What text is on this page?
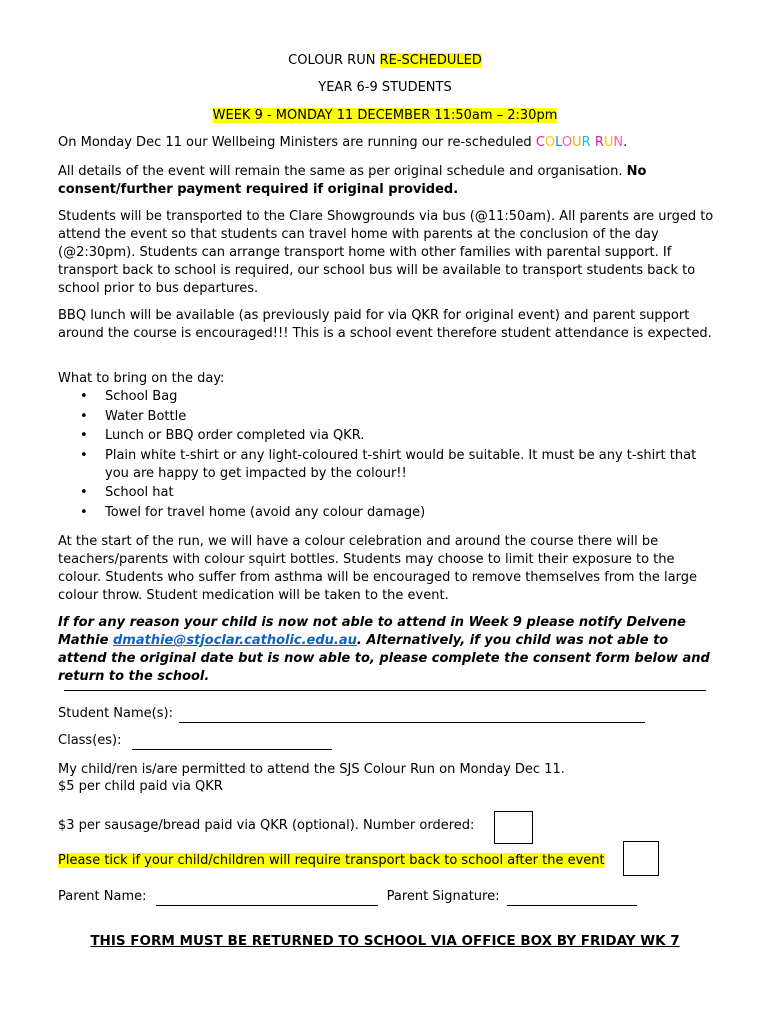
COLOUR RUN RE-SCHEDULED
YEAR 6-9 STUDENTS
WEEK 9 - MONDAY 11 DECEMBER 11:50am – 2:30pm

On Monday Dec 11 our Wellbeing Ministers are running our re-scheduled COLOUR RUN.

All details of the event will remain the same as per original schedule and organisation. No consent/further payment required if original provided.

Students will be transported to the Clare Showgrounds via bus (@11:50am). All parents are urged to attend the event so that students can travel home with parents at the conclusion of the day (@2:30pm). Students can arrange transport home with other families with parental support. If transport back to school is required, our school bus will be available to transport students back to school prior to bus departures.

BBQ lunch will be available (as previously paid for via QKR for original event) and parent support around the course is encouraged!!! This is a school event therefore student attendance is expected.

What to bring on the day:

• School Bag
• Water Bottle
• Lunch or BBQ order completed via QKR.
• Plain white t-shirt or any light-coloured t-shirt would be suitable. It must be any t-shirt that you are happy to get impacted by the colour!!
• School hat
• Towel for travel home (avoid any colour damage)

At the start of the run, we will have a colour celebration and around the course there will be teachers/parents with colour squirt bottles. Students may choose to limit their exposure to the colour. Students who suffer from asthma will be encouraged to remove themselves from the large colour throw. Student medication will be taken to the event.

If for any reason your child is now not able to attend in Week 9 please notify Delvene Mathie dmathie@stjoclar.catholic.edu.au. Alternatively, if you child was not able to attend the original date but is now able to, please complete the consent form below and return to the school.

Student Name(s):
Class(es):
My child/ren is/are permitted to attend the SJS Colour Run on Monday Dec 11.
$5 per child paid via QKR
$3 per sausage/bread paid via QKR (optional). Number ordered:
Please tick if your child/children will require transport back to school after the event
Parent Name:	Parent Signature:
THIS FORM MUST BE RETURNED TO SCHOOL VIA OFFICE BOX BY FRIDAY WK 7
